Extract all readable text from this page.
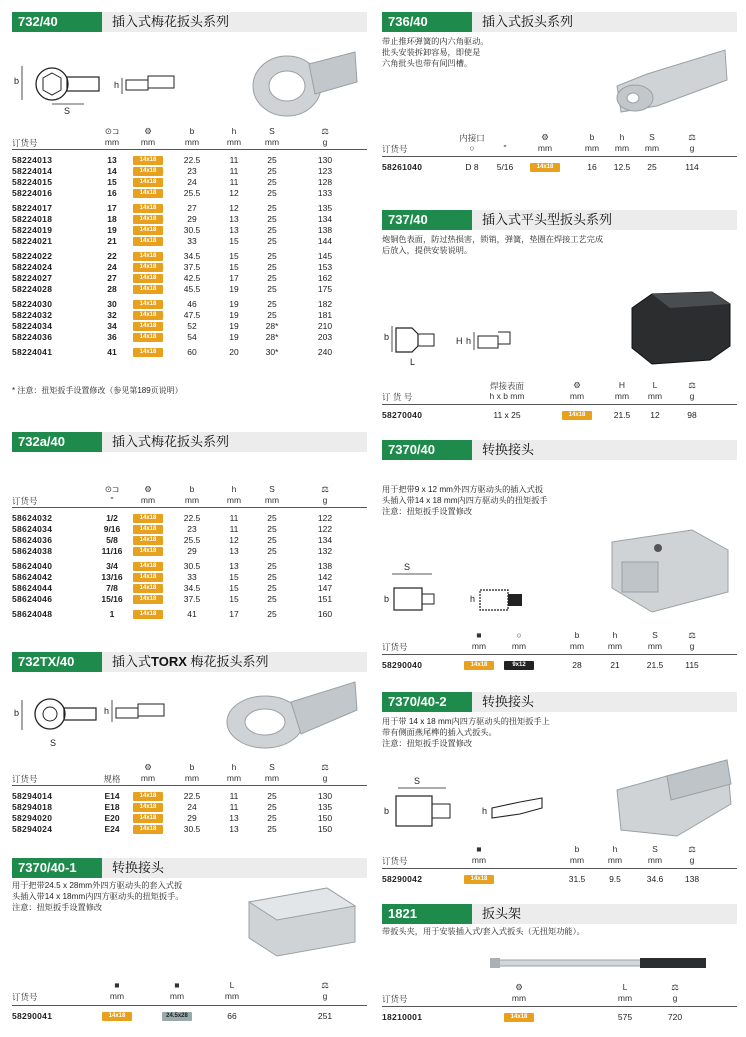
732/40	插入式梅花扳头系列
b
S
h
订货号
⊙⊐
mm
⚙
mm
b
mm
h
mm
S
mm
⚖
g
58224013	13	14x18	22.5	11	25	130
58224014	14	14x18	23	11	25	123
58224015	15	14x18	24	11	25	128
58224016	16	14x18	25.5	12	25	133
58224017	17	14x18	27	12	25	135
58224018	18	14x18	29	13	25	134
58224019	19	14x18	30.5	13	25	138
58224021	21	14x18	33	15	25	144
58224022	22	14x18	34.5	15	25	145
58224024	24	14x18	37.5	15	25	153
58224027	27	14x18	42.5	17	25	162
58224028	28	14x18	45.5	19	25	175
58224030	30	14x18	46	19	25	182
58224032	32	14x18	47.5	19	25	181
58224034	34	14x18	52	19	28*	210
58224036	36	14x18	54	19	28*	203
58224041	41	14x18	60	20	30*	240
* 注意：扭矩扳手设置修改（参见第189页说明）
732a/40	插入式梅花扳头系列
订货号
⊙⊐
"
⚙
mm
b
mm
h
mm
S
mm
⚖
g
58624032	1/2	14x18	22.5	11	25	122
58624034	9/16	14x18	23	11	25	122
58624036	5/8	14x18	25.5	12	25	134
58624038	11/16	14x18	29	13	25	132
58624040	3/4	14x18	30.5	13	25	138
58624042	13/16	14x18	33	15	25	142
58624044	7/8	14x18	34.5	15	25	147
58624046	15/16	14x18	37.5	15	25	151
58624048	1	14x18	41	17	25	160
732TX/40	插入式TORX 梅花扳头系列
b
S
h
订货号	规格
⚙
mm
b
mm
h
mm
S
mm
⚖
g
58294014	E14	14x18	22.5	11	25	130
58294018	E18	14x18	24	11	25	135
58294020	E20	14x18	29	13	25	150
58294024	E24	14x18	30.5	13	25	150
7370/40-1	转换接头
用于把带24.5 x 28mm外四方驱动头的套入式扳
头插入带14 x 18mm内四方驱动头的扭矩扳手。
注意：扭矩扳手设置修改
订货号
■
mm
■
mm
L
mm
⚖
g
58290041	14x18	24.5x28	66	251
736/40	插入式扳头系列
带止推环弹簧的内六角驱动。
批头安装拆卸容易，即使是
六角批头也带有间凹槽。
订货号
内接口
○	"
⚙
mm
b
mm
h
mm
S
mm
⚖
g
58261040	D 8	5/16	14x18	16	12.5	25	114
737/40	插入式平头型扳头系列
炮铜色表面，防过热损害，锁销，弹簧，垫圈在焊接工艺完成
后放入，提供安装说明。
b
L
H h
订 货 号
焊接表面
h x b mm
⚙
mm
H
mm
L
mm
⚖
g
58270040	11 x 25	14x18	21.5	12	98
7370/40	转换接头
用于把带9 x 12 mm外四方驱动头的插入式扳
头插入带14 x 18 mm内四方驱动头的扭矩扳手
注意：扭矩扳手设置修改
S
b	h
订货号
■
mm
○
mm
b
mm
h
mm
S
mm
⚖
g
58290040	14x18	9x12	28	21	21.5	115
7370/40-2	转换接头
用于带 14 x 18 mm内四方驱动头的扭矩扳手上
带有侧面燕尾榫的插入式扳头。
注意：扭矩扳手设置修改
S
b	h
订货号
■
mm
b
mm
h
mm
S
mm
⚖
g
58290042	14x18	31.5	9.5	34.6	138
1821	扳头架
带扳头夹，用于安装插入式/套入式扳头（无扭矩功能）。
订货号
⚙
mm
L
mm
⚖
g
18210001	14x18	575	720
